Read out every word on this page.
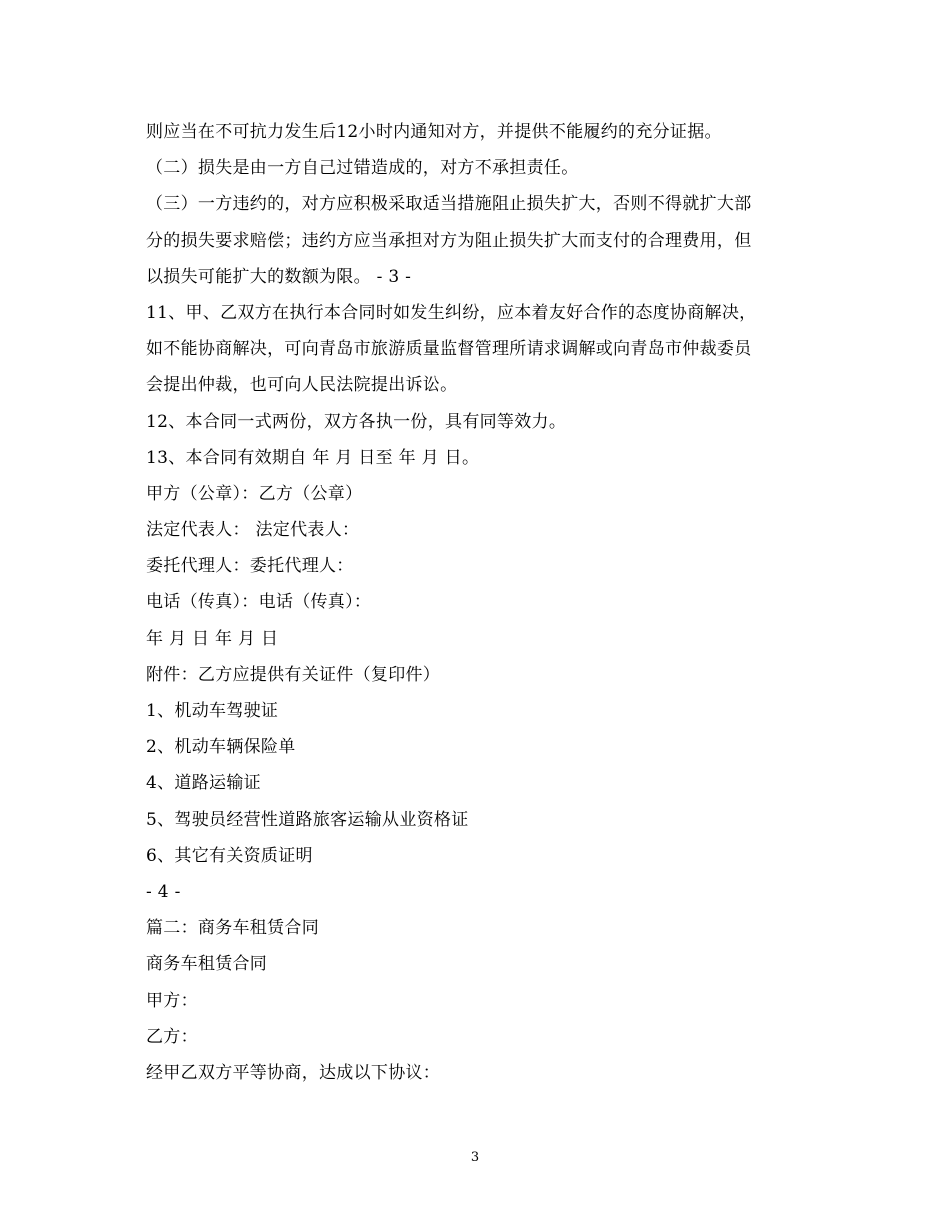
则应当在不可抗力发生后12小时内通知对方，并提供不能履约的充分证据。
（二）损失是由一方自己过错造成的，对方不承担责任。
（三）一方违约的，对方应积极采取适当措施阻止损失扩大，否则不得就扩大部
分的损失要求赔偿；违约方应当承担对方为阻止损失扩大而支付的合理费用，但
以损失可能扩大的数额为限。 - 3 -
11、甲、乙双方在执行本合同时如发生纠纷，应本着友好合作的态度协商解决，
如不能协商解决，可向青岛市旅游质量监督管理所请求调解或向青岛市仲裁委员
会提出仲裁，也可向人民法院提出诉讼。
12、本合同一式两份，双方各执一份，具有同等效力。
13、本合同有效期自 年 月 日至 年 月 日。
甲方（公章）：乙方（公章）
法定代表人： 法定代表人：
委托代理人：委托代理人：
电话（传真）：电话（传真）：
年 月 日 年 月 日
附件：乙方应提供有关证件（复印件）
1、机动车驾驶证
2、机动车辆保险单
4、道路运输证
5、驾驶员经营性道路旅客运输从业资格证
6、其它有关资质证明
- 4 -
篇二：商务车租赁合同
商务车租赁合同
甲方：
乙方：
经甲乙双方平等协商，达成以下协议：
3
